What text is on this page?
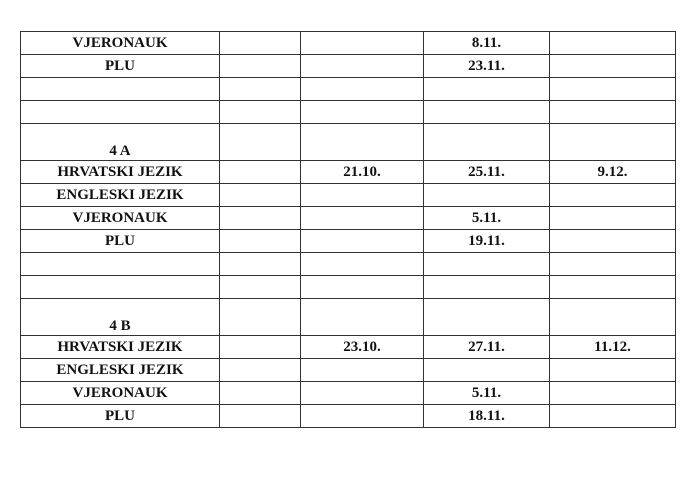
VJERONAUK			8.11.	
PLU			23.11.	

4 A				
HRVATSKI JEZIK		21.10.	25.11.	9.12.
ENGLESKI JEZIK				
VJERONAUK			5.11.	
PLU			19.11.	

4 B				
HRVATSKI JEZIK		23.10.	27.11.	11.12.
ENGLESKI JEZIK				
VJERONAUK			5.11.	
PLU			18.11.	
